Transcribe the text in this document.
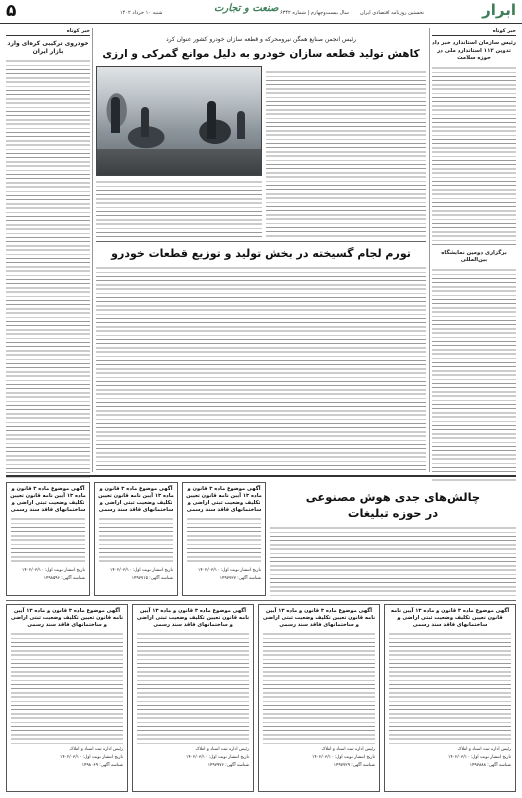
۵	شنبه ۱۰ خرداد ۱۴۰۲	صنعت و تجارت سال بیست‌وچهارم | شماره ۶۳۴۲ نخستین روزنامه اقتصادی ایران	ابرار
خبر کوتاه
خودروی ترکیبی کره‌ای وارد بازار ایران
خبر کوتاه
رئیس سازمان استاندارد خبر داد تدوین ۱۱۲ استاندارد ملی در حوزه سلامت
برگزاری دومین نمایشگاه بین‌المللی
رئیس انجمن صنایع همگن نیرومحرکه و قطعه سازان خودرو کشور عنوان کرد
کاهش تولید قطعه سازان خودرو به دلیل موانع گمرکی و ارزی
تورم لجام گسیخته در بخش تولید و توزیع قطعات خودرو
چالش‌های جدی هوش مصنوعی
در حوزه تبلیغات
آگهی موضوع ماده ۳ قانون و ماده ۱۳ آیین نامه قانون تعیین تکلیف وضعیت ثبتی اراضی و ساختمانهای فاقد سند رسمی
تاریخ انتشار نوبت اول: ۱۴۰۲/۰۳/۱۰
شناسه آگهی: ۱۴۹۸۵۹۶
آگهی موضوع ماده ۳ قانون و ماده ۱۳ آیین نامه قانون تعیین تکلیف وضعیت ثبتی اراضی و ساختمانهای فاقد سند رسمی
تاریخ انتشار نوبت اول: ۱۴۰۲/۰۳/۱۰
شناسه آگهی: ۱۴۹۷۷۱۵
آگهی موضوع ماده ۳ قانون و ماده ۱۳ آیین نامه قانون تعیین تکلیف وضعیت ثبتی اراضی و ساختمانهای فاقد سند رسمی
تاریخ انتشار نوبت اول: ۱۴۰۲/۰۳/۱۰
شناسه آگهی: ۱۴۹۷۷۳۷
آگهی موضوع ماده ۳ قانون و ماده ۱۳ آیین نامه قانون تعیین تکلیف وضعیت ثبتی اراضی و ساختمانهای فاقد سند رسمی
رئیس اداره ثبت اسناد و املاک
تاریخ انتشار نوبت اول: ۱۴۰۲/۰۳/۱۰
شناسه آگهی: ۱۴۹۸۰۶۹
آگهی موضوع ماده ۳ قانون و ماده ۱۳ آیین نامه قانون تعیین تکلیف وضعیت ثبتی اراضی و ساختمانهای فاقد سند رسمی
رئیس اداره ثبت اسناد و املاک
تاریخ انتشار نوبت اول: ۱۴۰۲/۰۳/۱۰
شناسه آگهی: ۱۴۹۷۹۷۶
آگهی موضوع ماده ۳ قانون و ماده ۱۳ آیین نامه قانون تعیین تکلیف وضعیت ثبتی اراضی و ساختمانهای فاقد سند رسمی
رئیس اداره ثبت اسناد و املاک
تاریخ انتشار نوبت اول: ۱۴۰۲/۰۳/۱۰
شناسه آگهی: ۱۴۹۷۷۲۹
آگهی موضوع ماده ۳ قانون و ماده ۱۳ آیین نامه قانون تعیین تکلیف وضعیت ثبتی اراضی و ساختمانهای فاقد سند رسمی
رئیس اداره ثبت اسناد و املاک
تاریخ انتشار نوبت اول: ۱۴۰۲/۰۳/۱۰
شناسه آگهی: ۱۴۹۷۸۸۸
